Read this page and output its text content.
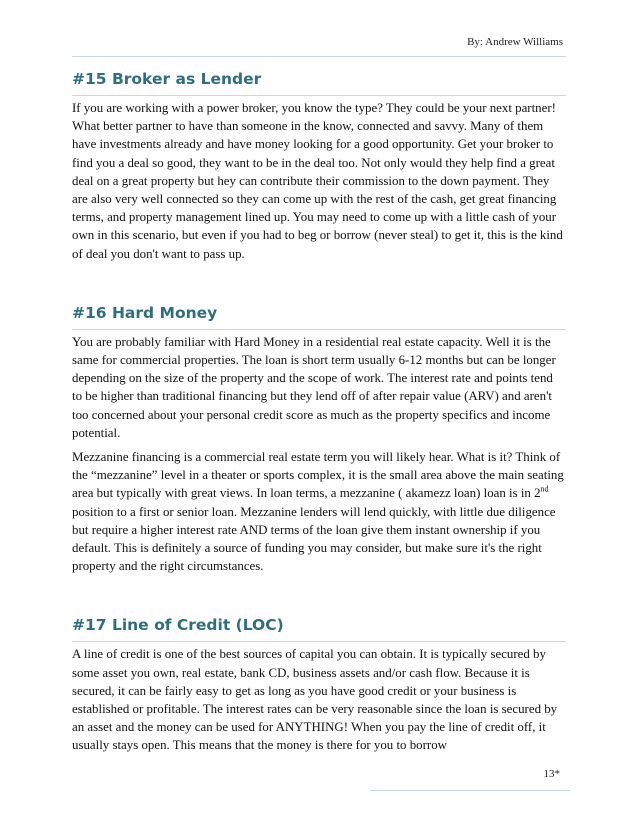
By: Andrew Williams
#15 Broker as Lender

If you are working with a power broker, you know the type? They could be your next partner! What better partner to have than someone in the know, connected and savvy. Many of them have investments already and have money looking for a good opportunity. Get your broker to find you a deal so good, they want to be in the deal too. Not only would they help find a great deal on a great property but hey can contribute their commission to the down payment. They are also very well connected so they can come up with the rest of the cash, get great financing terms, and property management lined up. You may need to come up with a little cash of your own in this scenario, but even if you had to beg or borrow (never steal) to get it, this is the kind of deal you don't want to pass up.

#16 Hard Money

You are probably familiar with Hard Money in a residential real estate capacity. Well it is the same for commercial properties. The loan is short term usually 6-12 months but can be longer depending on the size of the property and the scope of work. The interest rate and points tend to be higher than traditional financing but they lend off of after repair value (ARV) and aren't too concerned about your personal credit score as much as the property specifics and income potential.

Mezzanine financing is a commercial real estate term you will likely hear. What is it? Think of the “mezzanine” level in a theater or sports complex, it is the small area above the main seating area but typically with great views. In loan terms, a mezzanine ( akamezz loan) loan is in 2nd position to a first or senior loan. Mezzanine lenders will lend quickly, with little due diligence but require a higher interest rate AND terms of the loan give them instant ownership if you default. This is definitely a source of funding you may consider, but make sure it's the right property and the right circumstances.

#17 Line of Credit (LOC)

A line of credit is one of the best sources of capital you can obtain. It is typically secured by some asset you own, real estate, bank CD, business assets and/or cash flow. Because it is secured, it can be fairly easy to get as long as you have good credit or your business is established or profitable. The interest rates can be very reasonable since the loan is secured by an asset and the money can be used for ANYTHING! When you pay the line of credit off, it usually stays open. This means that the money is there for you to borrow

13*
